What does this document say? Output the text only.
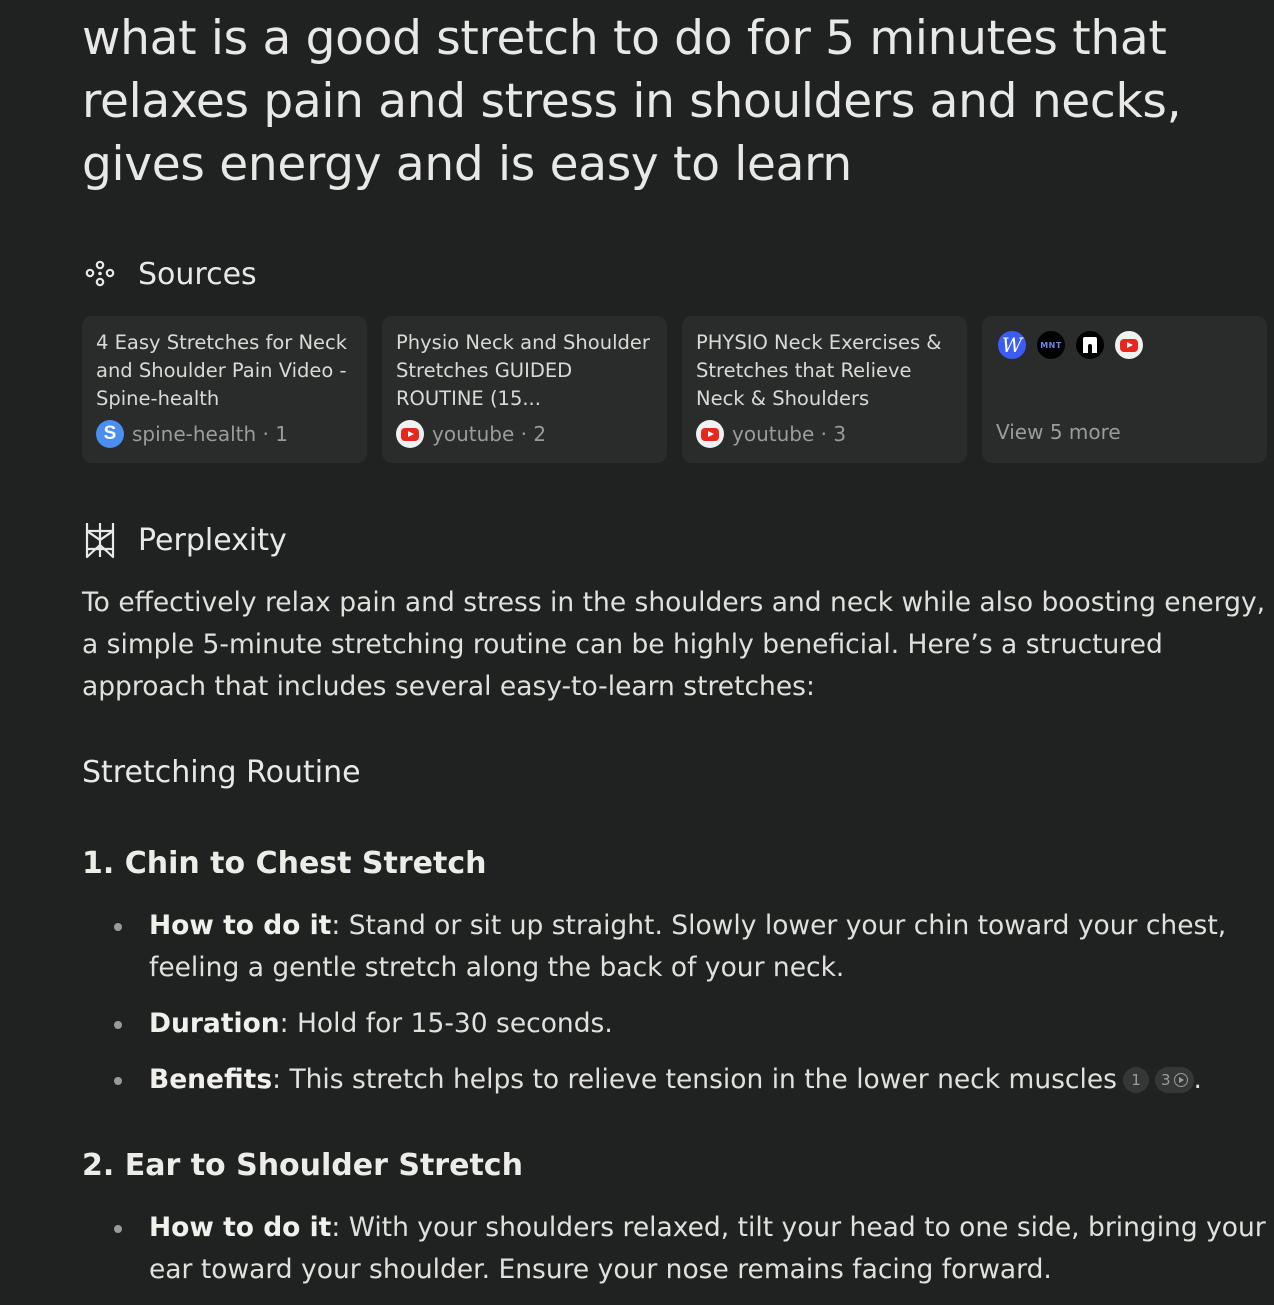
what is a good stretch to do for 5 minutes that relaxes pain and stress in shoulders and necks, gives energy and is easy to learn
Sources
4 Easy Stretches for Neck and Shoulder Pain Video - Spine-health
S spine-health · 1
Physio Neck and Shoulder Stretches GUIDED ROUTINE (15...
youtube · 2
PHYSIO Neck Exercises & Stretches that Relieve Neck & Shoulders
youtube · 3
W	MNT
View 5 more
Perplexity

To effectively relax pain and stress in the shoulders and neck while also boosting energy, a simple 5-minute stretching routine can be highly beneficial. Here’s a structured approach that includes several easy-to-learn stretches:

Stretching Routine
1. Chin to Chest Stretch
How to do it: Stand or sit up straight. Slowly lower your chin toward your chest, feeling a gentle stretch along the back of your neck.
Duration: Hold for 15-30 seconds.
Benefits: This stretch helps to relieve tension in the lower neck muscles 1 3 .
2. Ear to Shoulder Stretch
How to do it: With your shoulders relaxed, tilt your head to one side, bringing your ear toward your shoulder. Ensure your nose remains facing forward.
